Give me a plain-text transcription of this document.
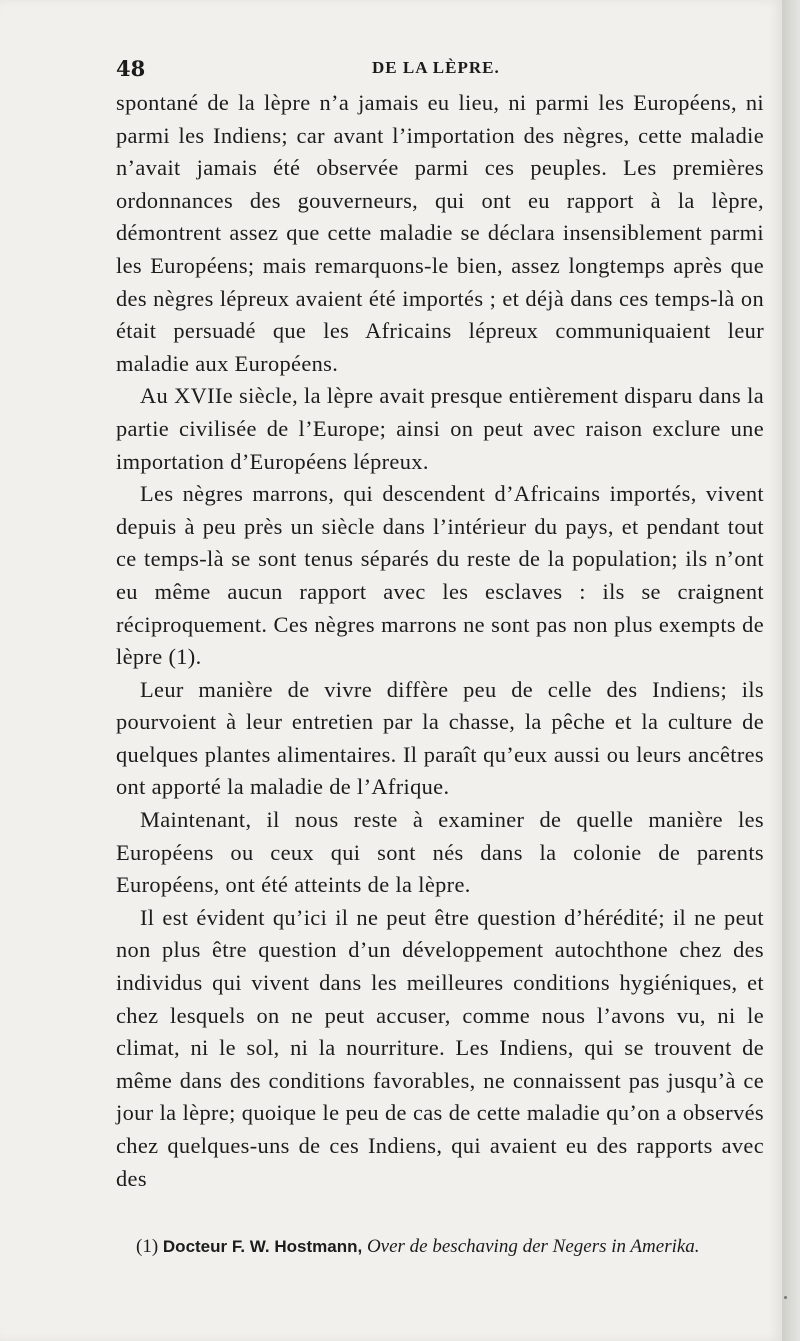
48	DE LA LÈPRE.

spontané de la lèpre n’a jamais eu lieu, ni parmi les Européens, ni parmi les Indiens; car avant l’importation des nègres, cette maladie n’avait jamais été observée parmi ces peuples. Les premières ordonnances des gouverneurs, qui ont eu rapport à la lèpre, démontrent assez que cette maladie se déclara insensiblement parmi les Européens; mais remarquons-le bien, assez longtemps après que des nègres lépreux avaient été importés ; et déjà dans ces temps-là on était persuadé que les Africains lépreux communiquaient leur maladie aux Européens.

Au XVIIe siècle, la lèpre avait presque entièrement disparu dans la partie civilisée de l’Europe; ainsi on peut avec raison exclure une importation d’Européens lépreux.

Les nègres marrons, qui descendent d’Africains importés, vivent depuis à peu près un siècle dans l’intérieur du pays, et pendant tout ce temps-là se sont tenus séparés du reste de la population; ils n’ont eu même aucun rapport avec les esclaves : ils se craignent réciproquement. Ces nègres marrons ne sont pas non plus exempts de lèpre (1).

Leur manière de vivre diffère peu de celle des Indiens; ils pourvoient à leur entretien par la chasse, la pêche et la culture de quelques plantes alimentaires. Il paraît qu’eux aussi ou leurs ancêtres ont apporté la maladie de l’Afrique.

Maintenant, il nous reste à examiner de quelle manière les Européens ou ceux qui sont nés dans la colonie de parents Européens, ont été atteints de la lèpre.

Il est évident qu’ici il ne peut être question d’hérédité; il ne peut non plus être question d’un développement autochthone chez des individus qui vivent dans les meilleures conditions hygiéniques, et chez lesquels on ne peut accuser, comme nous l’avons vu, ni le climat, ni le sol, ni la nourriture. Les Indiens, qui se trouvent de même dans des conditions favorables, ne connaissent pas jusqu’à ce jour la lèpre; quoique le peu de cas de cette maladie qu’on a observés chez quelques-uns de ces Indiens, qui avaient eu des rapports avec des

(1) Docteur F. W. Hostmann, Over de beschaving der Negers in Amerika.
